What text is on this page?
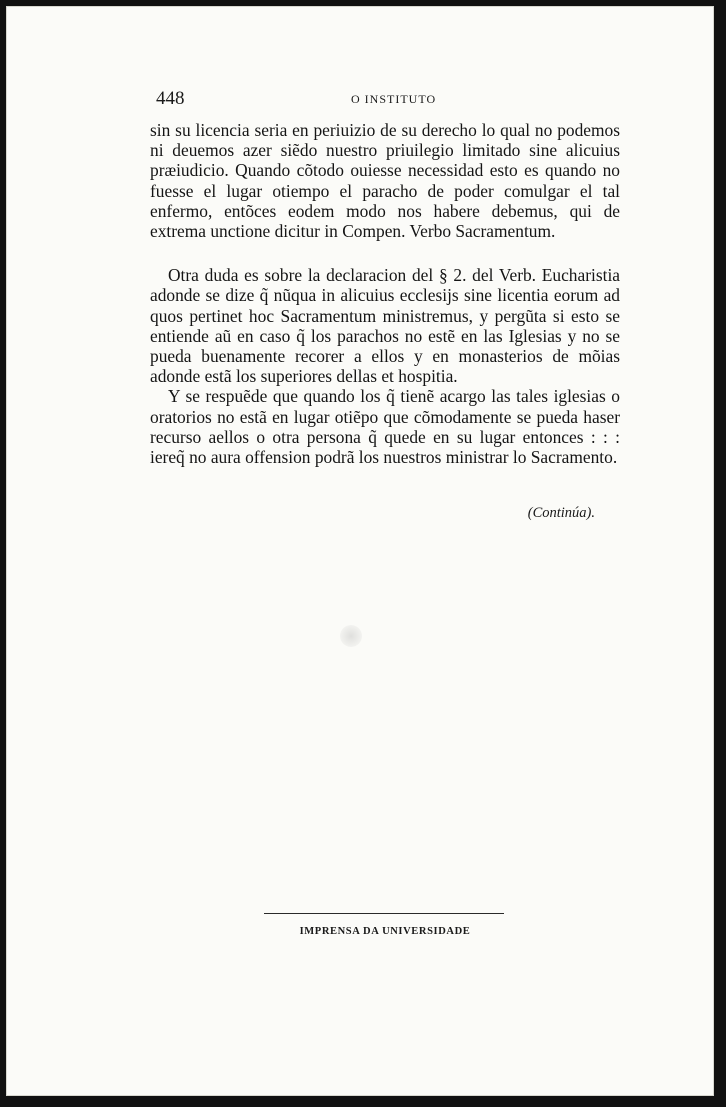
448	O INSTITUTO

sin su licencia seria en periuizio de su derecho lo qual no podemos ni deuemos azer siẽdo nuestro priuilegio limitado sine alicuius præiudicio. Quando cõtodo ouiesse necessidad esto es quando no fuesse el lugar otiempo el paracho de poder comulgar el tal enfermo, entõces eodem modo nos habere debemus, qui de extrema unctione dicitur in Compen. Verbo Sacramentum.

Otra duda es sobre la declaracion del § 2. del Verb. Eucharistia adonde se dize q̃ nũqua in alicuius ecclesijs sine licentia eorum ad quos pertinet hoc Sacramentum ministremus, y pergũta si esto se entiende aũ en caso q̃ los parachos no estẽ en las Iglesias y no se pueda buenamente recorer a ellos y en monasterios de mõias adonde estã los superiores dellas et hospitia.

Y se respuẽde que quando los q̃ tienẽ acargo las tales iglesias o oratorios no estã en lugar otiẽpo que cõmodamente se pueda haser recurso aellos o otra persona q̃ quede en su lugar entonces : : : iereq̃ no aura offension podrã los nuestros ministrar lo Sacramento.

(Continúa).
IMPRENSA DA UNIVERSIDADE
